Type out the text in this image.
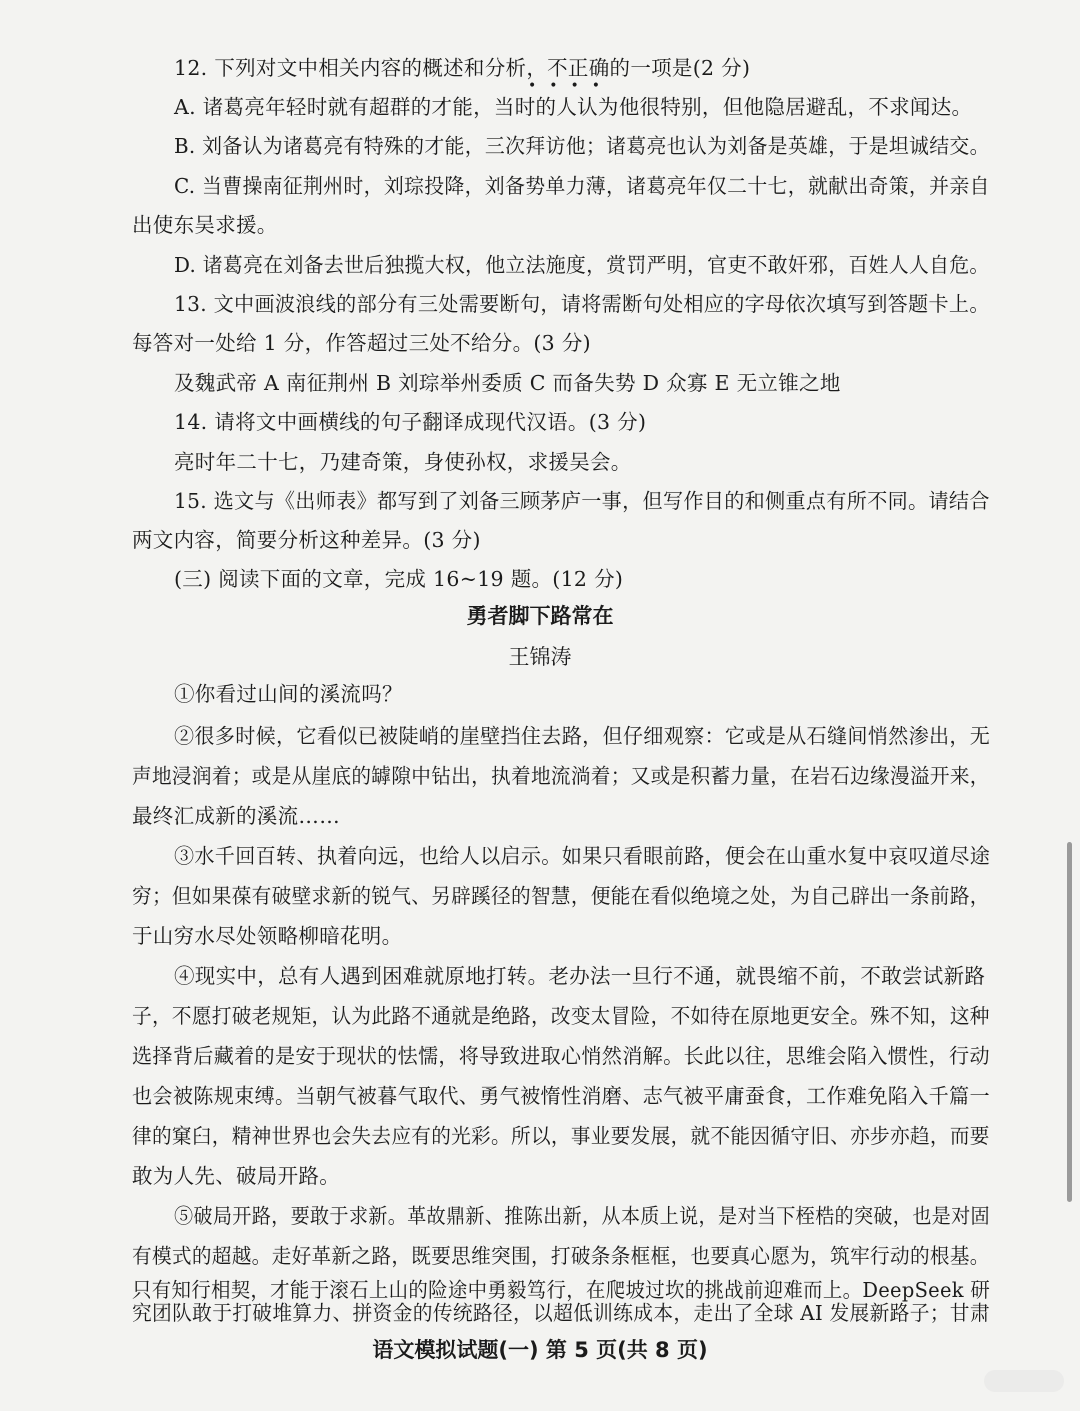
12. 下列对文中相关内容的概述和分析，不正确的一项是(2 分)
••••
A. 诸葛亮年轻时就有超群的才能，当时的人认为他很特别，但他隐居避乱，不求闻达。
B. 刘备认为诸葛亮有特殊的才能，三次拜访他；诸葛亮也认为刘备是英雄，于是坦诚结交。
C. 当曹操南征荆州时，刘琮投降，刘备势单力薄，诸葛亮年仅二十七，就献出奇策，并亲自
出使东吴求援。
D. 诸葛亮在刘备去世后独揽大权，他立法施度，赏罚严明，官吏不敢奸邪，百姓人人自危。
13. 文中画波浪线的部分有三处需要断句，请将需断句处相应的字母依次填写到答题卡上。
每答对一处给 1 分，作答超过三处不给分。(3 分)
及魏武帝 A 南征荆州 B 刘琮举州委质 C 而备失势 D 众寡 E 无立锥之地
14. 请将文中画横线的句子翻译成现代汉语。(3 分)
亮时年二十七，乃建奇策，身使孙权，求援吴会。
15. 选文与《出师表》都写到了刘备三顾茅庐一事，但写作目的和侧重点有所不同。请结合
两文内容，简要分析这种差异。(3 分)
(三) 阅读下面的文章，完成 16~19 题。(12 分)
勇者脚下路常在
王锦涛
①你看过山间的溪流吗？
②很多时候，它看似已被陡峭的崖壁挡住去路，但仔细观察：它或是从石缝间悄然渗出，无
声地浸润着；或是从崖底的罅隙中钻出，执着地流淌着；又或是积蓄力量，在岩石边缘漫溢开来，
最终汇成新的溪流……
③水千回百转、执着向远，也给人以启示。如果只看眼前路，便会在山重水复中哀叹道尽途
穷；但如果葆有破壁求新的锐气、另辟蹊径的智慧，便能在看似绝境之处，为自己辟出一条前路，
于山穷水尽处领略柳暗花明。
④现实中，总有人遇到困难就原地打转。老办法一旦行不通，就畏缩不前，不敢尝试新路
子，不愿打破老规矩，认为此路不通就是绝路，改变太冒险，不如待在原地更安全。殊不知，这种
选择背后藏着的是安于现状的怯懦，将导致进取心悄然消解。长此以往，思维会陷入惯性，行动
也会被陈规束缚。当朝气被暮气取代、勇气被惰性消磨、志气被平庸蚕食，工作难免陷入千篇一
律的窠臼，精神世界也会失去应有的光彩。所以，事业要发展，就不能因循守旧、亦步亦趋，而要
敢为人先、破局开路。
⑤破局开路，要敢于求新。革故鼎新、推陈出新，从本质上说，是对当下桎梏的突破，也是对固
有模式的超越。走好革新之路，既要思维突围，打破条条框框，也要真心愿为，筑牢行动的根基。
只有知行相契，才能于滚石上山的险途中勇毅笃行，在爬坡过坎的挑战前迎难而上。DeepSeek 研
究团队敢于打破堆算力、拼资金的传统路径，以超低训练成本，走出了全球 AI 发展新路子；甘肃
语文模拟试题(一) 第 5 页(共 8 页)
